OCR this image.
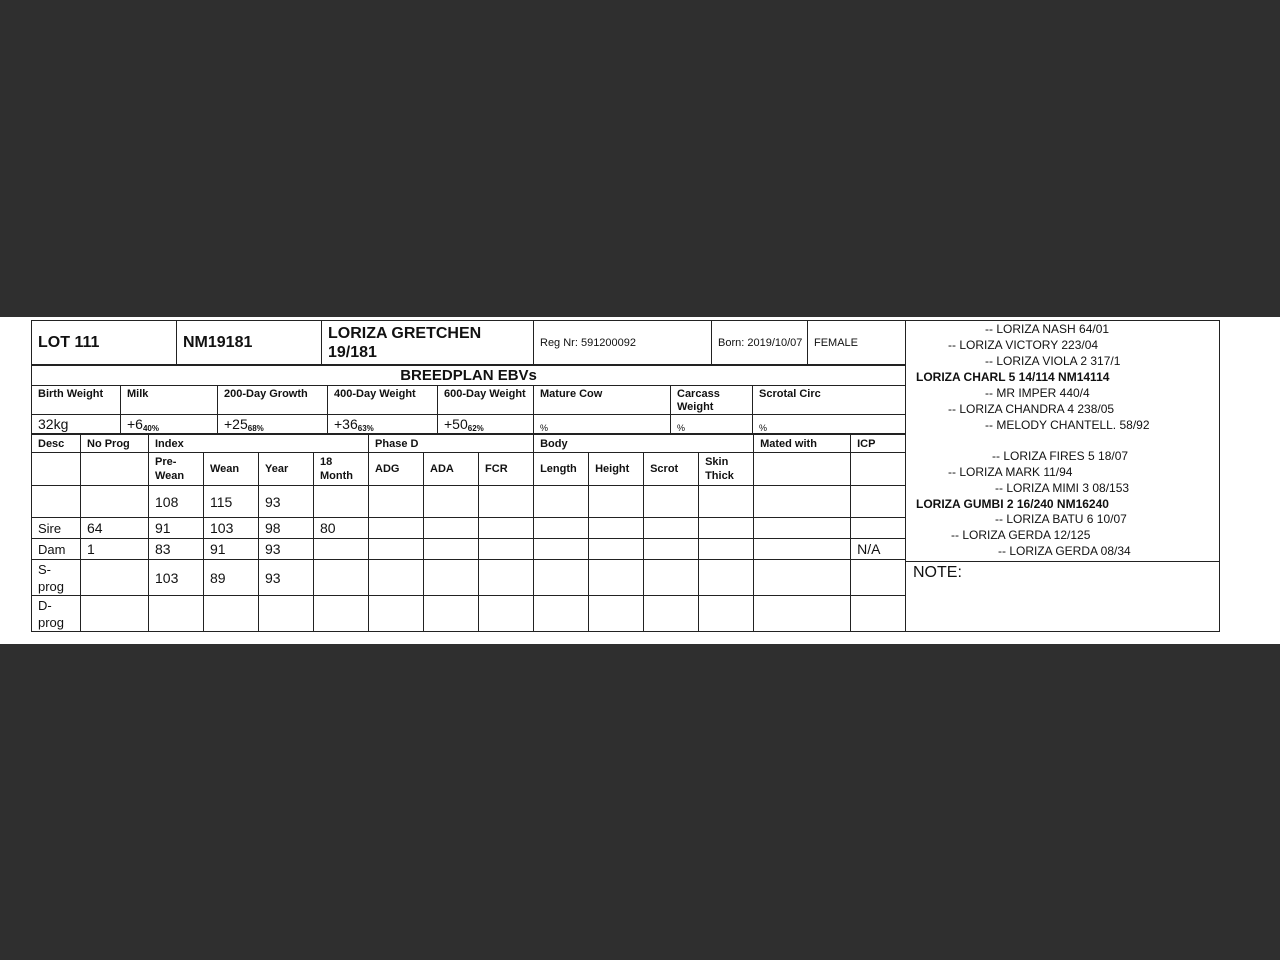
LOT 111	NM19181	
LORIZA GRETCHEN
19/181
	Reg Nr: 591200092	Born: 2019/10/07	FEMALE
BREEDPLAN EBVs							
Birth Weight	Milk	200-Day Growth	400-Day Weight	600-Day Weight	Mature Cow	Carcass Weight	Scrotal Circ
32kg	$+6_{40\%}$	$+25_{68\%}$	$+36_{63\%}$	$+50_{62\%}$	%	%	%
Desc	No Prog	Index				Phase D			Body				Mated with	ICP
		Pre-Wean	Wean	Year	18 Month	ADG	ADA	FCR	Length	Height	Scrot	Skin Thick		
		108	115	93										
Sire	64	91	103	98	80									
Dam	1	83	91	93										N/A
S-prog		103	89	93										
D-prog														
-- LORIZA NASH 64/01
-- LORIZA VICTORY 223/04
-- LORIZA VIOLA 2 317/1
LORIZA CHARL 5 14/114 NM14114
-- MR IMPER 440/4
-- LORIZA CHANDRA 4 238/05
-- MELODY CHANTELL. 58/92
-- LORIZA FIRES 5 18/07
-- LORIZA MARK 11/94
-- LORIZA MIMI 3 08/153
LORIZA GUMBI 2 16/240 NM16240
-- LORIZA BATU 6 10/07
-- LORIZA GERDA 12/125
-- LORIZA GERDA 08/34
NOTE:
